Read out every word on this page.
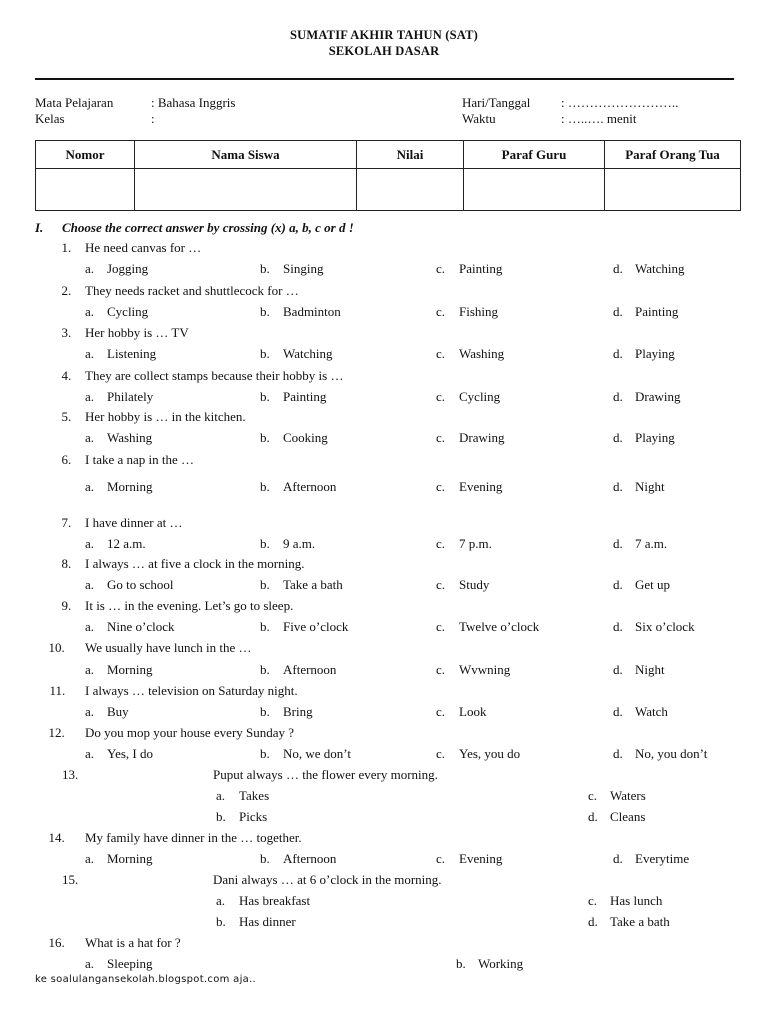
SUMATIF AKHIR TAHUN (SAT)
SEKOLAH DASAR
Mata Pelajaran	: Bahasa Inggris
Kelas	:
Hari/Tanggal : ……………………..
Waktu	: …..…. menit
Nomor	Nama Siswa	Nilai	Paraf Guru	Paraf Orang Tua

I. Choose the correct answer by crossing (x) a, b, c or d !
1. He need canvas for …
a. Jogging	b. Singing	c. Painting	d. Watching
2. They needs racket and shuttlecock for …
a. Cycling	b. Badminton	c. Fishing	d. Painting
3. Her hobby is … TV
a. Listening	b. Watching	c. Washing	d. Playing
4. They are collect stamps because their hobby is …
a. Philately	b. Painting	c. Cycling	d. Drawing
5. Her hobby is … in the kitchen.
a. Washing	b. Cooking	c. Drawing	d. Playing
6. I take a nap in the …
a. Morning	b. Afternoon	c. Evening	d. Night
7. I have dinner at …
a. 12 a.m.	b. 9 a.m.	c. 7 p.m.	d. 7 a.m.
8. I always … at five a clock in the morning.
a. Go to school	b. Take a bath	c. Study	d. Get up
9. It is … in the evening. Let’s go to sleep.
a. Nine o’clock	b. Five o’clock	c. Twelve o’clock	d. Six o’clock
10. We usually have lunch in the …
a. Morning	b. Afternoon	c. Wvwning	d. Night
11. I always … television on Saturday night.
a. Buy	b. Bring	c. Look	d. Watch
12. Do you mop your house every Sunday ?
a. Yes, I do	b. No, we don’t	c. Yes, you do	d. No, you don’t
13.	Puput always … the flower every morning.
a. Takes
b. Picks
c. Waters
d. Cleans
14. My family have dinner in the … together.
a. Morning	b. Afternoon	c. Evening	d. Everytime
15.	Dani always … at 6 o’clock in the morning.
a. Has breakfast
b. Has dinner
c. Has lunch
d. Take a bath
16. What is a hat for ?
a. Sleeping	b. Working
ke soalulangansekolah.blogspot.com aja..
